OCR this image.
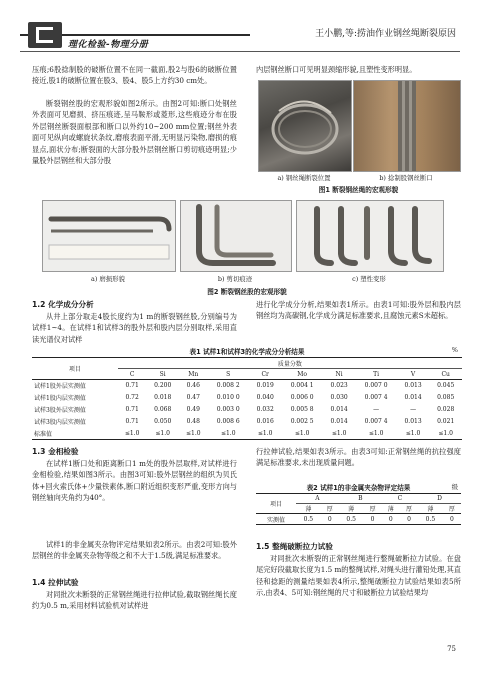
理化检验-物理分册
王小鹏,等:捞油作业钢丝绳断裂原因
压痕;6股捻制股的破断位置不在同一截面,股2与股6的破断位置接近,股1的破断位置在股3、股4、股5上方约30 cm处。
断裂钢丝股的宏观形貌如图2所示。由图2可知:断口处钢丝外表面可见磨损、挤压痕迹,呈马鞍形或菱形,这些痕迹分布在股外层钢丝断裂面根部和断口以外约10~200 mm位置;钢丝外表面可见纵向或螺旋状条纹,磨痕表面平滑,无明显污染物,磨损的痕显点,面状分布;断裂面的大部分股外层钢丝断口剪切痕迹明显;少量股外层钢丝和大部分股
内层钢丝断口可见明显颈缩形貌,且塑性变形明显。
a) 钢丝绳断裂位置	b) 捻制股钢丝断口
图1 断裂钢丝绳的宏观形貌
a) 磨损形貌	b) 剪切痕迹	c) 塑性变形
图2 断裂钢丝股的宏观形貌
1.2 化学成分分析
从井上部分取走4股长度约为1 m的断裂钢丝股,分别编号为试样1~4。在试样1和试样3的股外层和股内层分别取样,采用直读光谱仪对试样
进行化学成分分析,结果如表1所示。由表1可知:股外层和股内层钢丝均为高碳钢,化学成分满足标准要求,且腐蚀元素S未超标。
表1 试样1和试样3的化学成分分析结果	%
项目	质量分数									
	C	Si	Mn	S	Cr	Mo	Ni	Ti	V	Cu
试样1股外层实测值	0.71	0.200	0.46	0.008 2	0.019	0.004 1	0.023	0.007 0	0.013	0.045
试样1股内层实测值	0.72	0.018	0.47	0.010 0	0.040	0.006 0	0.030	0.007 4	0.014	0.085
试样3股外层实测值	0.71	0.068	0.49	0.003 0	0.032	0.005 8	0.014	—	—	0.028
试样3股内层实测值	0.71	0.050	0.48	0.008 6	0.016	0.002 5	0.014	0.007 4	0.013	0.021
标准值	≤1.0	≤1.0	≤1.0	≤1.0	≤1.0	≤1.0	≤1.0	≤1.0	≤1.0	≤1.0
1.3 金相检验
在试样1断口处和距离断口1 m处的股外层取样,对试样进行金相检验,结果如图3所示。由图3可知:股外层钢丝的组织为贝氏体+回火索氏体+少量铁素体,断口附近组织变形严重,变形方向与钢丝轴向夹角约为40°。
试样1的非金属夹杂物评定结果如表2所示。由表2可知:股外层钢丝的非金属夹杂物等级之和不大于1.5级,满足标准要求。
1.4 拉伸试验
对同批次未断裂的正常钢丝绳进行拉伸试验,截取钢丝绳长度约为0.5 m,采用材料试验机对试样进
行拉伸试验,结果如表3所示。由表3可知:正常钢丝绳的抗拉强度满足标准要求,未出现质量问题。
表2 试样1的非金属夹杂物评定结果	级
项目	A		B		C		D	
	薄	厚	薄	厚	薄	厚	薄	厚
实测值	0.5	0	0.5	0	0	0	0.5	0
1.5 整绳破断拉力试验
对同批次未断裂的正常钢丝绳进行整绳破断拉力试验。在盘尾完好段截取长度为1.5 m的整绳试样,对绳头进行灌铅处理,其直径和捻距的测量结果如表4所示,整绳破断拉力试验结果如表5所示,由表4、5可知:钢丝绳的尺寸和破断拉力试验结果均
75
